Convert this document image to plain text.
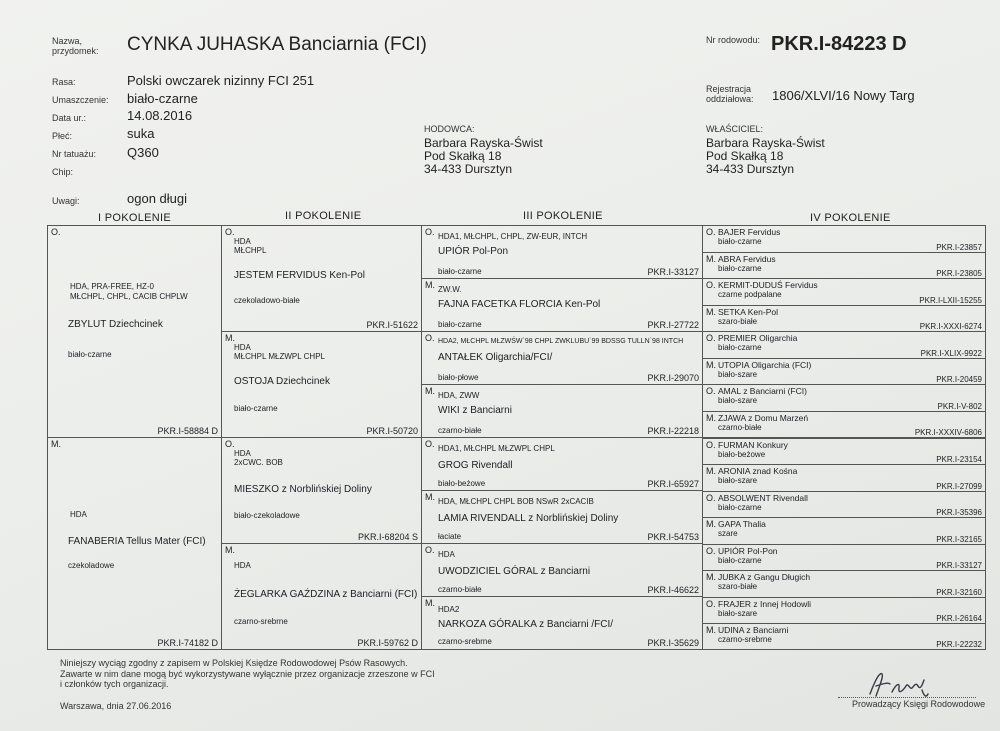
Nazwa,
przydomek: CYNKA JUHASKA Banciarnia (FCI)	Nr rodowodu: PKR.I-84223 D
Rasa:	Polski owczarek nizinny FCI 251
Umaszczenie: biało-czarne
Data ur.:	14.08.2016
Płeć:	suka
Nr tatuażu: Q360
Chip:
Uwagi:	ogon długi
Rejestracja
oddziałowa: 1806/XLVI/16 Nowy Targ
HODOWCA:
Barbara Rayska-Świst
Pod Skałką 18
34-433 Dursztyn
WŁAŚCICIEL:
Barbara Rayska-Świst
Pod Skałką 18
34-433 Dursztyn
I POKOLENIE	II POKOLENIE	III POKOLENIE	IV POKOLENIE
O.
HDA, PRA-FREE, HZ-0
MŁCHPL, CHPL, CACIB CHPLW
ZBYLUT Dziechcinek
biało-czarne
PKR.I-58884 D
M.
HDA
FANABERIA Tellus Mater (FCI)
czekoladowe
PKR.I-74182 D
O.
HDA
MŁCHPL
JESTEM FERVIDUS Ken-Pol
czekoladowo-białe
PKR.I-51622
M.
HDA
MŁCHPL MŁZWPL CHPL
OSTOJA Dziechcinek
biało-czarne
PKR.I-50720
O.
HDA
2xCWC. BOB
MIESZKO z Norblińskiej Doliny
biało-czekoladowe
PKR.I-68204 S
M.
HDA
ŻEGLARKA GAŹDZINA z Banciarni (FCI)
czarno-srebrne
PKR.I-59762 D
O. HDA1, MŁCHPL, CHPL, ZW-EUR, INTCH
UPIÓR Pol-Pon
biało-czarne	PKR.I-33127
M. ZW.W.
FAJNA FACETKA FLORCIA Ken-Pol
biało-czarne	PKR.I-27722
O. HDA2, MŁCHPL MŁZWŚW`98 CHPL ZWKLUBU`99 BDSSG TULLN`98 INTCH
ANTAŁEK Oligarchia/FCI/
biało-płowe	PKR.I-29070
M. HDA, ZWW
WIKI z Banciarni
czarno-białe	PKR.I-22218
O. HDA1, MŁCHPL MŁZWPL CHPL
GROG Rivendall
biało-beżowe	PKR.I-65927
M. HDA, MŁCHPL CHPL BOB NSwR 2xCACIB
LAMIA RIVENDALL z Norblińskiej Doliny
łaciate	PKR.I-54753
O. HDA
UWODZICIEL GÓRAL z Banciarni
czarno-białe	PKR.I-46622
M.
HDA2
NARKOZA GÓRALKA z Banciarni /FCI/
czarno-srebrne	PKR.I-35629
O. BAJER Fervidus
biało-czarne
PKR.I-23857
M. ABRA Fervidus
biało-czarne
PKR.I-23805
O. KERMIT-DUDUŚ Fervidus
czarne podpalane
PKR.I-LXII-15255
M. SETKA Ken-Pol
szaro-białe
PKR.I-XXXI-6274
O. PREMIER Oligarchia
biało-czarne
PKR.I-XLIX-9922
M. UTOPIA Oligarchia (FCI)
biało-szare
PKR.I-20459
O. AMAL z Banciarni (FCI)
biało-szare
PKR.I-V-802
M. ZJAWA z Domu Marzeń
czarno-białe
PKR.I-XXXIV-6806
O. FURMAN Konkury
biało-beżowe
PKR.I-23154
M. ARONIA znad Kośna
biało-szare
PKR.I-27099
O. ABSOLWENT Rivendall
biało-czarne
PKR.I-35396
M. GAPA Thalia
szare
PKR.I-32165
O. UPIÓR Pol-Pon
biało-czarne
PKR.I-33127
M. JUBKA z Gangu Długich
szaro-białe
PKR.I-32160
O. FRAJER z Innej Hodowli
biało-szare
PKR.I-26164
M. UDINA z Banciarni
czarno-srebrne
PKR.I-22232
Niniejszy wyciąg zgodny z zapisem w Polskiej Księdze Rodowodowej Psów Rasowych.
Zawarte w nim dane mogą być wykorzystywane wyłącznie przez organizacje zrzeszone w FCI
i członków tych organizacji.
Warszawa, dnia 27.06.2016	Prowadzący Księgi Rodowodowe
